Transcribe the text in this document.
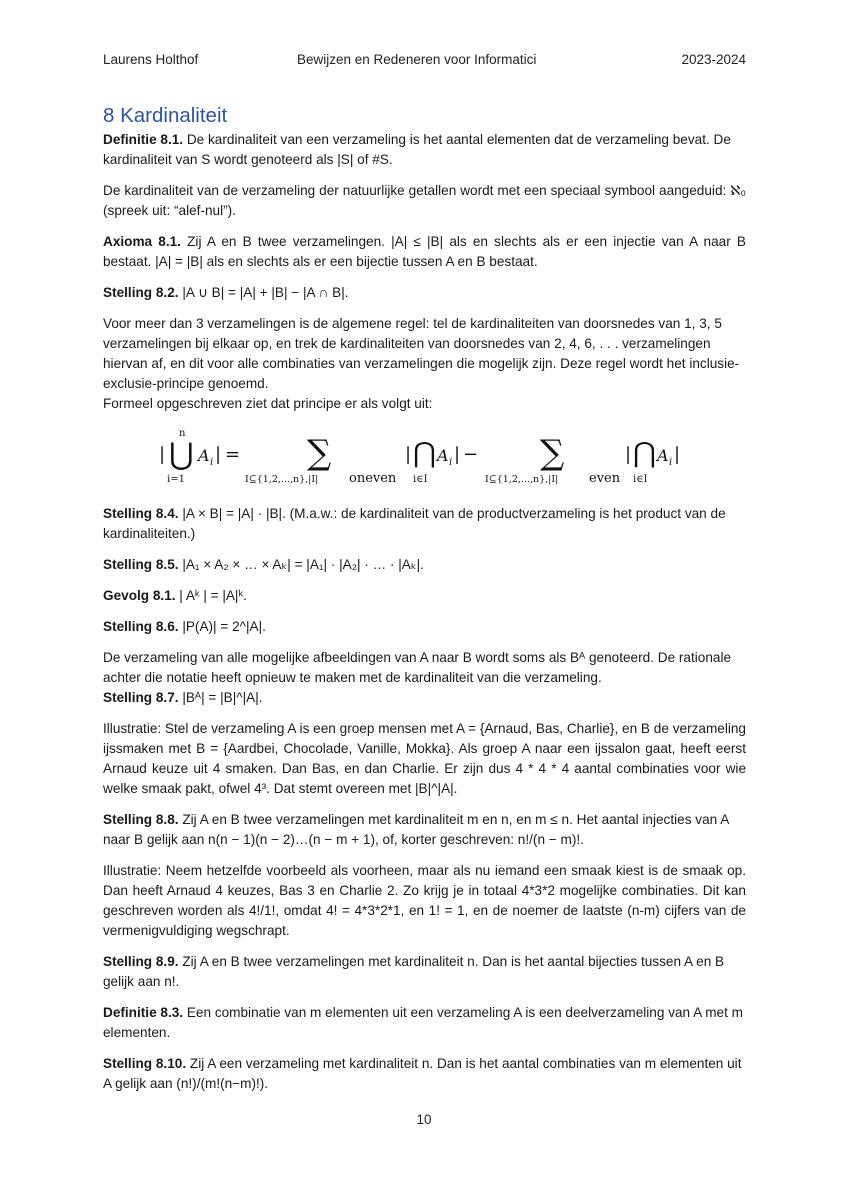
Laurens Holthof	Bewijzen en Redeneren voor Informatici	2023-2024
8 Kardinaliteit

Definitie 8.1. De kardinaliteit van een verzameling is het aantal elementen dat de verzameling bevat. De kardinaliteit van S wordt genoteerd als |S| of #S.

De kardinaliteit van de verzameling der natuurlijke getallen wordt met een speciaal symbool aangeduid: ℵ₀ (spreek uit: “alef-nul”).

Axioma 8.1. Zij A en B twee verzamelingen. |A| ≤ |B| als en slechts als er een injectie van A naar B bestaat. |A| = |B| als en slechts als er een bijectie tussen A en B bestaat.

Stelling 8.2. |A ∪ B| = |A| + |B| − |A ∩ B|.

Voor meer dan 3 verzamelingen is de algemene regel: tel de kardinaliteiten van doorsnedes van 1, 3, 5 verzamelingen bij elkaar op, en trek de kardinaliteiten van doorsnedes van 2, 4, 6, . . . verzamelingen hiervan af, en dit voor alle combinaties van verzamelingen die mogelijk zijn. Deze regel wordt het inclusie-exclusie-principe genoemd.

Formeel opgeschreven ziet dat principe er als volgt uit:

|
n
⋃
i=1
A i | = ∑
I⊆{1,2,...,n},|I| oneven
| ⋂
i∈I
A i | − ∑
I⊆{1,2,...,n},|I| even
| ⋂
i∈I
A i |

Stelling 8.4. |A × B| = |A| · |B|. (M.a.w.: de kardinaliteit van de productverzameling is het product van de kardinaliteiten.)

Stelling 8.5. |A₁ × A₂ × … × Aₖ| = |A₁| · |A₂| · … · |Aₖ|.

Gevolg 8.1. | Aᵏ | = |A|ᵏ.

Stelling 8.6. |P(A)| = 2^|A|.

De verzameling van alle mogelijke afbeeldingen van A naar B wordt soms als Bᴬ genoteerd. De rationale achter die notatie heeft opnieuw te maken met de kardinaliteit van die verzameling.

Stelling 8.7. |Bᴬ| = |B|^|A|.

Illustratie: Stel de verzameling A is een groep mensen met A = {Arnaud, Bas, Charlie}, en B de verzameling ijssmaken met B = {Aardbei, Chocolade, Vanille, Mokka}. Als groep A naar een ijssalon gaat, heeft eerst Arnaud keuze uit 4 smaken. Dan Bas, en dan Charlie. Er zijn dus 4 * 4 * 4 aantal combinaties voor wie welke smaak pakt, ofwel 4³. Dat stemt overeen met |B|^|A|.

Stelling 8.8. Zij A en B twee verzamelingen met kardinaliteit m en n, en m ≤ n. Het aantal injecties van A naar B gelijk aan n(n − 1)(n − 2)…(n − m + 1), of, korter geschreven: n!/(n − m)!.

Illustratie: Neem hetzelfde voorbeeld als voorheen, maar als nu iemand een smaak kiest is de smaak op. Dan heeft Arnaud 4 keuzes, Bas 3 en Charlie 2. Zo krijg je in totaal 4*3*2 mogelijke combinaties. Dit kan geschreven worden als 4!/1!, omdat 4! = 4*3*2*1, en 1! = 1, en de noemer de laatste (n-m) cijfers van de vermenigvuldiging wegschrapt.

Stelling 8.9. Zij A en B twee verzamelingen met kardinaliteit n. Dan is het aantal bijecties tussen A en B gelijk aan n!.

Definitie 8.3. Een combinatie van m elementen uit een verzameling A is een deelverzameling van A met m elementen.

Stelling 8.10. Zij A een verzameling met kardinaliteit n. Dan is het aantal combinaties van m elementen uit A gelijk aan (n!)/(m!(n−m)!).

10
